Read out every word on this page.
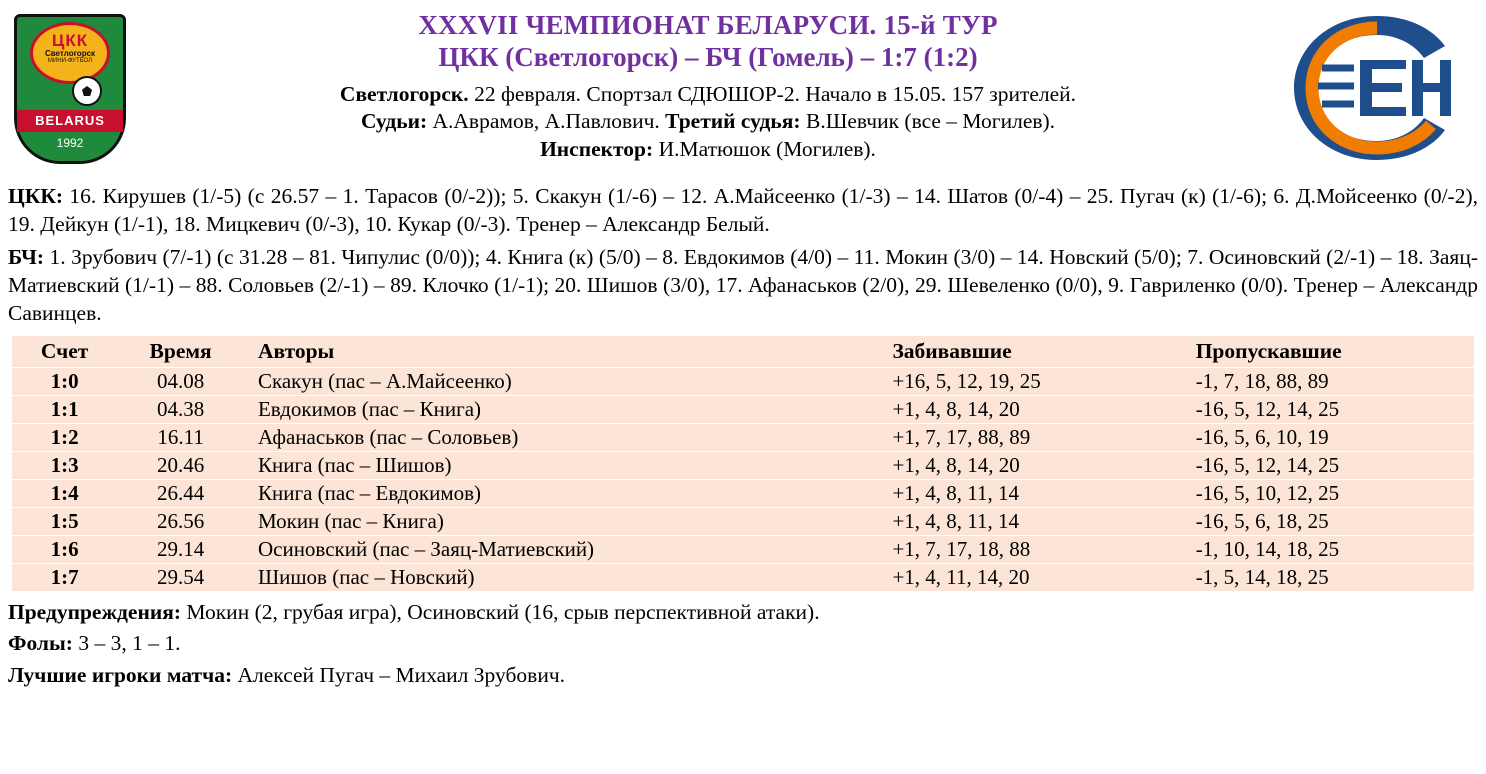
ЦКК
Светлогорск
МИНИ-ФУТБОЛ
BELARUS
1992
XXXVII ЧЕМПИОНАТ БЕЛАРУСИ. 15-й ТУР
ЦКК (Светлогорск) – БЧ (Гомель) – 1:7 (1:2)
Светлогорск. 22 февраля. Спортзал СДЮШОР-2. Начало в 15.05. 157 зрителей.
Судьи: А.Аврамов, А.Павлович. Третий судья: В.Шевчик (все – Могилев).
Инспектор: И.Матюшок (Могилев).
ЦКК: 16. Кирушев (1/-5) (с 26.57 – 1. Тарасов (0/-2)); 5. Скакун (1/-6) – 12. А.Майсеенко (1/-3) – 14. Шатов (0/-4) – 25. Пугач (к) (1/-6); 6. Д.Мойсеенко (0/-2), 19. Дейкун (1/-1), 18. Мицкевич (0/-3), 10. Кукар (0/-3). Тренер – Александр Белый.
БЧ: 1. Зрубович (7/-1) (с 31.28 – 81. Чипулис (0/0)); 4. Книга (к) (5/0) – 8. Евдокимов (4/0) – 11. Мокин (3/0) – 14. Новский (5/0); 7. Осиновский (2/-1) – 18. Заяц-Матиевский (1/-1) – 88. Соловьев (2/-1) – 89. Клочко (1/-1); 20. Шишов (3/0), 17. Афанаськов (2/0), 29. Шевеленко (0/0), 9. Гавриленко (0/0). Тренер – Александр Савинцев.
Счет	Время	Авторы	Забивавшие	Пропускавшие
1:0	04.08	Скакун (пас – А.Майсеенко)	+16, 5, 12, 19, 25	-1, 7, 18, 88, 89
1:1	04.38	Евдокимов (пас – Книга)	+1, 4, 8, 14, 20	-16, 5, 12, 14, 25
1:2	16.11	Афанаськов (пас – Соловьев)	+1, 7, 17, 88, 89	-16, 5, 6, 10, 19
1:3	20.46	Книга (пас – Шишов)	+1, 4, 8, 14, 20	-16, 5, 12, 14, 25
1:4	26.44	Книга (пас – Евдокимов)	+1, 4, 8, 11, 14	-16, 5, 10, 12, 25
1:5	26.56	Мокин (пас – Книга)	+1, 4, 8, 11, 14	-16, 5, 6, 18, 25
1:6	29.14	Осиновский (пас – Заяц-Матиевский)	+1, 7, 17, 18, 88	-1, 10, 14, 18, 25
1:7	29.54	Шишов (пас – Новский)	+1, 4, 11, 14, 20	-1, 5, 14, 18, 25
Предупреждения: Мокин (2, грубая игра), Осиновский (16, срыв перспективной атаки).
Фолы: 3 – 3, 1 – 1.
Лучшие игроки матча: Алексей Пугач – Михаил Зрубович.
